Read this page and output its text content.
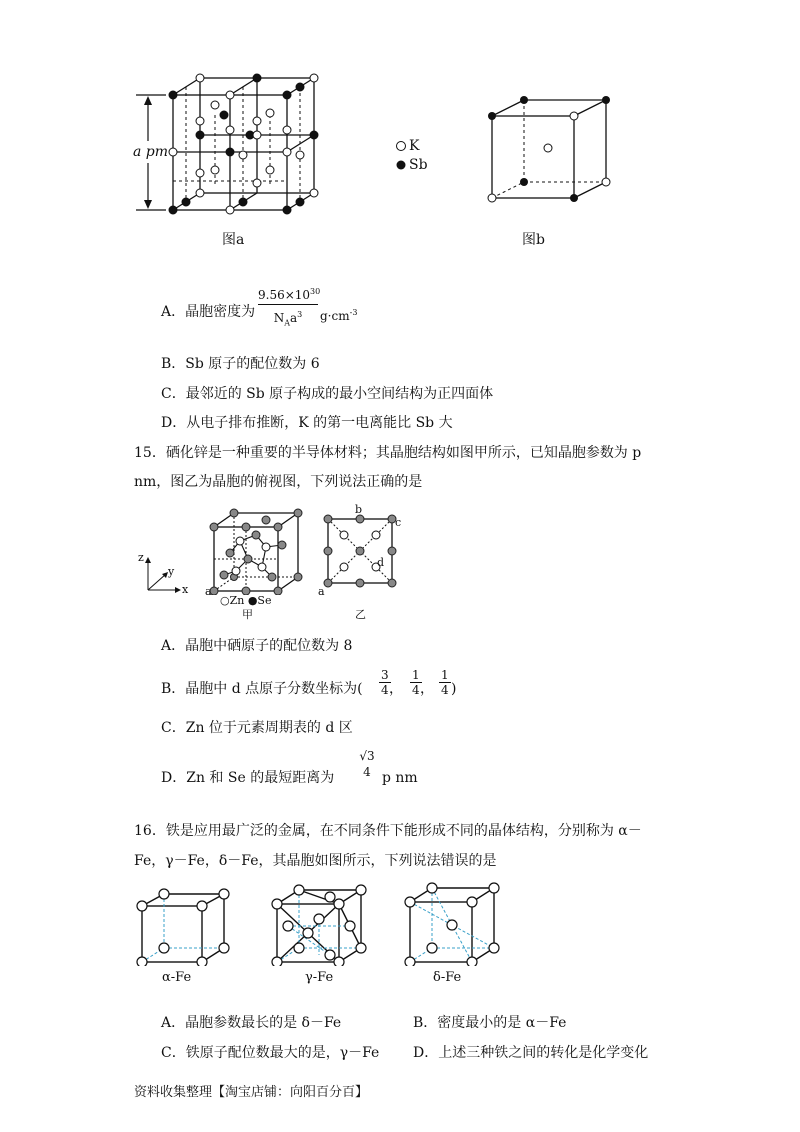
a pm	K
Sb
图a	图b
A．晶胞密度为
$9.56\times 10^{30}$
$N_Aa^3$	$g\cdot cm^{-3}$
B．Sb 原子的配位数为 6
C．最邻近的 Sb 原子构成的最小空间结构为正四面体
D．从电子排布推断，K 的第一电离能比 Sb 大
15．硒化锌是一种重要的半导体材料；其晶胞结构如图甲所示，已知晶胞参数为 p
nm，图乙为晶胞的俯视图，下列说法正确的是
z
y
x a
○Zn ●Se
甲
b
c
d
a
乙
A．晶胞中硒原子的配位数为 8
B．晶胞中 d 点原子分数坐标为( $\frac{3}{4}$
， $\frac{1}{4}$
， $\frac{1}{4}$ )
C．Zn 位于元素周期表的 d 区
D．Zn 和 Se 的最短距离为
√3
4 p nm
16．铁是应用最广泛的金属，在不同条件下能形成不同的晶体结构，分别称为 α－
Fe，γ－Fe，δ－Fe，其晶胞如图所示，下列说法错误的是
α-Fe	γ-Fe	δ-Fe
A．晶胞参数最长的是 δ－Fe	B．密度最小的是 α－Fe
C．铁原子配位数最大的是，γ－Fe D．上述三种铁之间的转化是化学变化
资料收集整理【淘宝店铺：向阳百分百】
